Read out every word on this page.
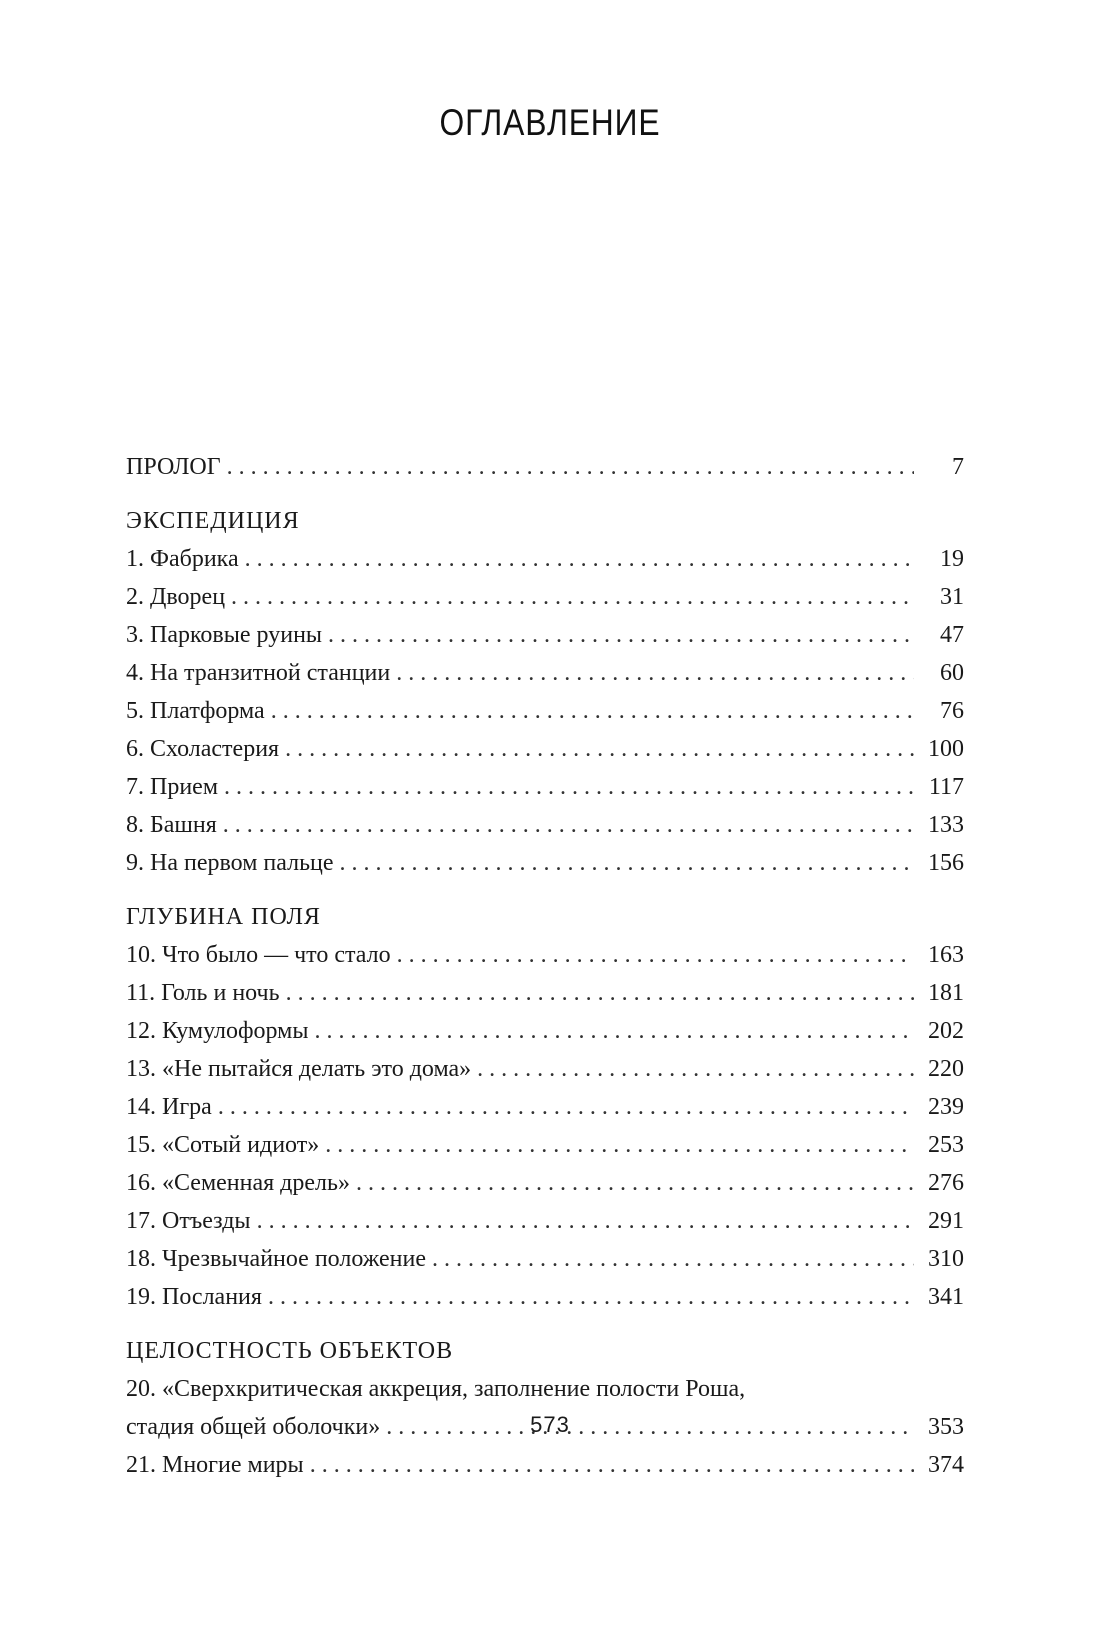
ОГЛАВЛЕНИЕ
ПРОЛОГ . . .	7
ЭКСПЕДИЦИЯ
1. Фабрика . . .	19
2. Дворец . . .	31
3. Парковые руины . . .	47
4. На транзитной станции . . .	60
5. Платформа . . .	76
6. Схоластерия . . .	100
7. Прием . . .	117
8. Башня . . .	133
9. На первом пальце . . .	156
ГЛУБИНА ПОЛЯ
10. Что было — что стало . . .	163
11. Голь и ночь . . .	181
12. Кумулоформы . . .	202
13. «Не пытайся делать это дома» . . .	220
14. Игра . . .	239
15. «Сотый идиот» . . .	253
16. «Семенная дрель» . . .	276
17. Отъезды . . .	291
18. Чрезвычайное положение . . .	310
19. Послания . . .	341
ЦЕЛОСТНОСТЬ ОБЪЕКТОВ
20. «Сверхкритическая аккреция, заполнение полости Роша,
стадия общей оболочки» . . .	353
21. Многие миры . . .	374
573
